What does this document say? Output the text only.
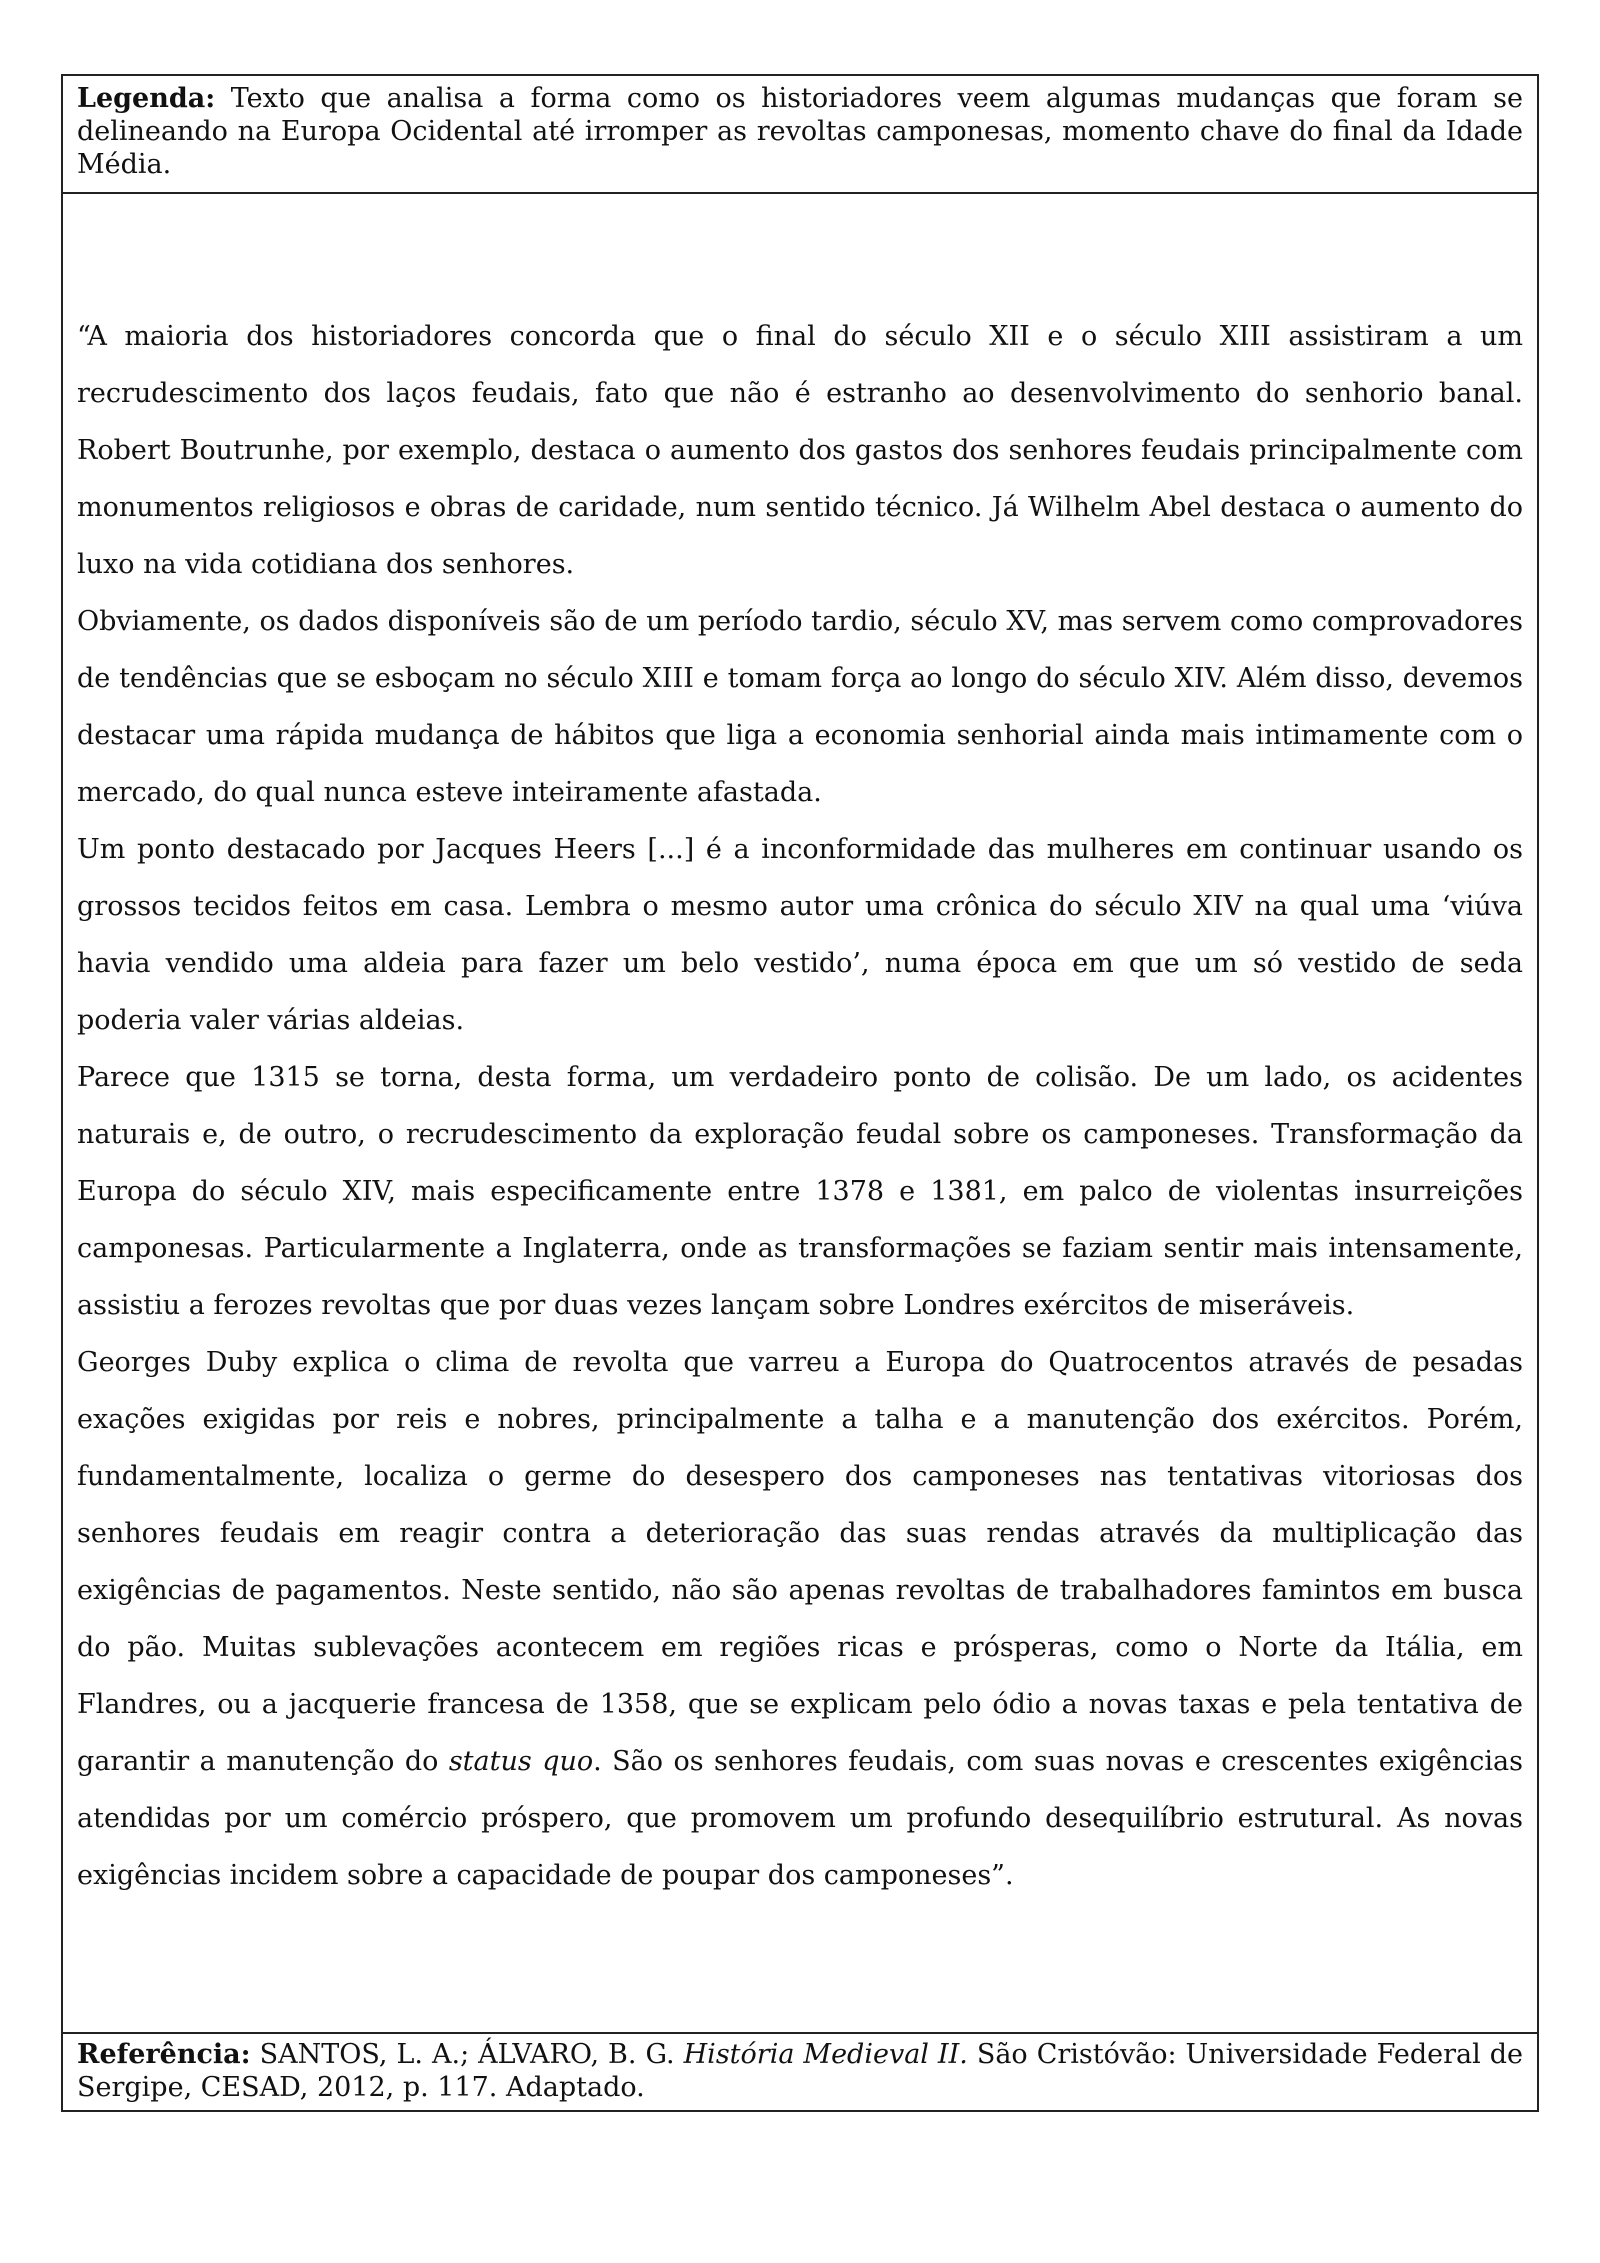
Legenda: Texto que analisa a forma como os historiadores veem algumas mudanças que foram se delineando na Europa Ocidental até irromper as revoltas camponesas, momento chave do final da Idade Média.

“A maioria dos historiadores concorda que o final do século XII e o século XIII assistiram a um recrudescimento dos laços feudais, fato que não é estranho ao desenvolvimento do senhorio banal. Robert Boutrunhe, por exemplo, destaca o aumento dos gastos dos senhores feudais principalmente com monumentos religiosos e obras de caridade, num sentido técnico. Já Wilhelm Abel destaca o aumento do luxo na vida cotidiana dos senhores.

Obviamente, os dados disponíveis são de um período tardio, século XV, mas servem como comprovadores de tendências que se esboçam no século XIII e tomam força ao longo do século XIV. Além disso, devemos destacar uma rápida mudança de hábitos que liga a economia senhorial ainda mais intimamente com o mercado, do qual nunca esteve inteiramente afastada.

Um ponto destacado por Jacques Heers [...] é a inconformidade das mulheres em continuar usando os grossos tecidos feitos em casa. Lembra o mesmo autor uma crônica do século XIV na qual uma ‘viúva havia vendido uma aldeia para fazer um belo vestido’, numa época em que um só vestido de seda poderia valer várias aldeias.

Parece que 1315 se torna, desta forma, um verdadeiro ponto de colisão. De um lado, os acidentes naturais e, de outro, o recrudescimento da exploração feudal sobre os camponeses. Transformação da Europa do século XIV, mais especificamente entre 1378 e 1381, em palco de violentas insurreições camponesas. Particularmente a Inglaterra, onde as transformações se faziam sentir mais intensamente, assistiu a ferozes revoltas que por duas vezes lançam sobre Londres exércitos de miseráveis.

Georges Duby explica o clima de revolta que varreu a Europa do Quatrocentos através de pesadas exações exigidas por reis e nobres, principalmente a talha e a manutenção dos exércitos. Porém, fundamentalmente, localiza o germe do desespero dos camponeses nas tentativas vitoriosas dos senhores feudais em reagir contra a deterioração das suas rendas através da multiplicação das exigências de pagamentos. Neste sentido, não são apenas revoltas de trabalhadores famintos em busca do pão. Muitas sublevações acontecem em regiões ricas e prósperas, como o Norte da Itália, em Flandres, ou a jacquerie francesa de 1358, que se explicam pelo ódio a novas taxas e pela tentativa de garantir a manutenção do status quo. São os senhores feudais, com suas novas e crescentes exigências atendidas por um comércio próspero, que promovem um profundo desequilíbrio estrutural. As novas exigências incidem sobre a capacidade de poupar dos camponeses”.

Referência: SANTOS, L. A.; ÁLVARO, B. G. História Medieval II. São Cristóvão: Universidade Federal de Sergipe, CESAD, 2012, p. 117. Adaptado.
